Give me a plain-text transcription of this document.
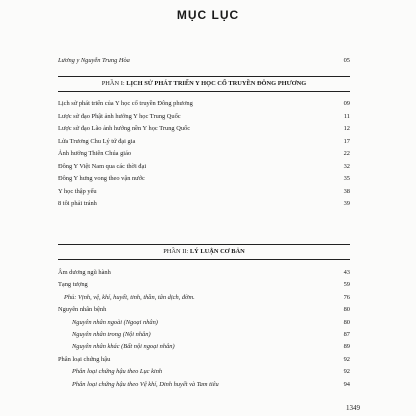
MỤC LỤC
Lương y Nguyễn Trung Hòa	05
PHẦN I: LỊCH SỬ PHÁT TRIỂN Y HỌC CỔ TRUYỀN ĐÔNG PHƯƠNG
Lịch sử phát triển của Y học cổ truyền Đông phương	09
Lược sử đạo Phật ảnh hưởng Y học Trung Quốc	11
Lược sử đạo Lão ảnh hưởng nền Y học Trung Quốc	12
Lửa Trương Chu Lý tứ đại gia	17
Ảnh hưởng Thiên Chúa giáo	22
Đông Y Việt Nam qua các thời đại	32
Đông Y hưng vong theo vận nước	35
Y học thập yếu	38
8 tôi phải tránh	39
PHẦN II: LÝ LUẬN CƠ BẢN
Âm dương ngũ hành	43
Tạng tượng	59
Phủ: Vịnh, vệ, khí, huyết, tinh, thần, tân dịch, đờm.	76
Nguyên nhân bệnh	80
Nguyên nhân ngoài (Ngoại nhân)	80
Nguyên nhân trong (Nội nhân)	87
Nguyên nhân khác (Bất nội ngoại nhân)	89
Phân loại chứng hậu	92
Phân loại chứng hậu theo Lục kinh	92
Phân loại chứng hậu theo Vệ khí, Dinh huyết và Tam tiêu	94
1349
